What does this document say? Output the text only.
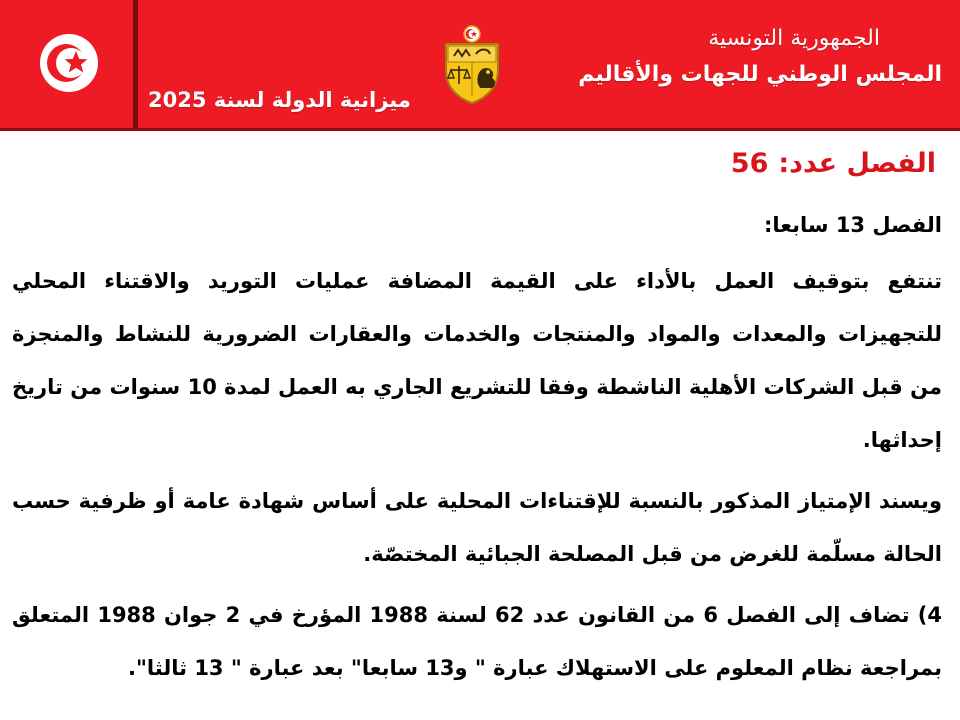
الجمهورية التونسية
المجلس الوطني للجهات والأقاليم
ميزانية الدولة لسنة 2025
الفصل عدد:56

الفصل 13 سابعا:

تنتفع بتوقيف العمل بالأداء على القيمة المضافة عمليات التوريد والاقتناء المحلي للتجهيزات والمعدات والمواد والمنتجات والخدمات والعقارات الضرورية للنشاط والمنجزة من قبل الشركات الأهلية الناشطة وفقا للتشريع الجاري به العمل لمدة 10 سنوات من تاريخ إحداثها.

ويسند الإمتياز المذكور بالنسبة للإقتناءات المحلية على أساس شهادة عامة أو ظرفية حسب الحالة مسلّمة للغرض من قبل المصلحة الجبائية المختصّة.

4) تضاف إلى الفصل 6 من القانون عدد 62 لسنة 1988 المؤرخ في 2 جوان 1988 المتعلق بمراجعة نظام المعلوم على الاستهلاك عبارة " و13 سابعا" بعد عبارة " 13 ثالثا".
